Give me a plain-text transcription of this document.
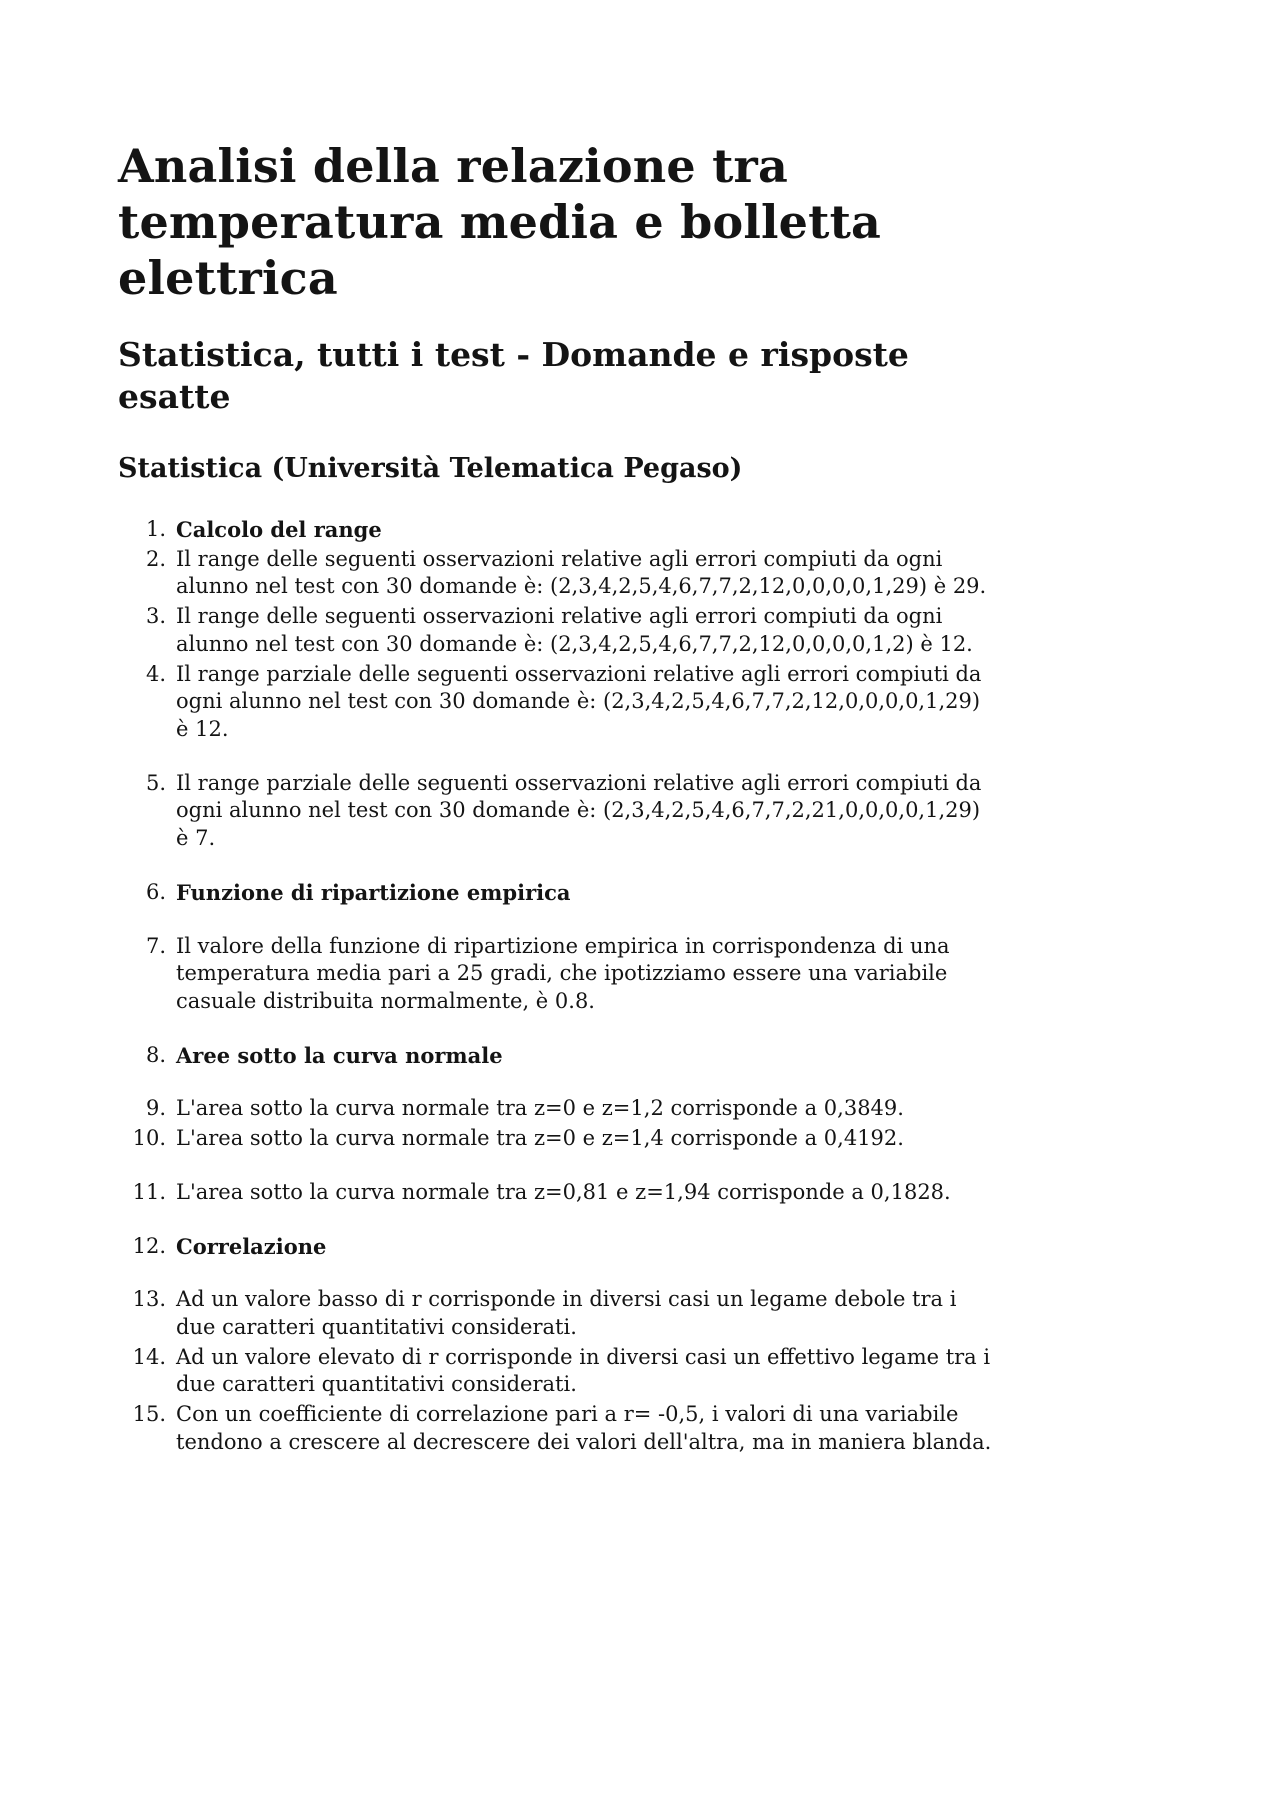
Analisi della relazione tra temperatura media e bolletta elettrica
Statistica, tutti i test - Domande e risposte esatte
Statistica (Università Telematica Pegaso)
1. Calcolo del range
2. Il range delle seguenti osservazioni relative agli errori compiuti da ogni alunno nel test con 30 domande è: (2,3,4,2,5,4,6,7,7,2,12,0,0,0,0,1,29) è 29.
3. Il range delle seguenti osservazioni relative agli errori compiuti da ogni alunno nel test con 30 domande è: (2,3,4,2,5,4,6,7,7,2,12,0,0,0,0,1,2) è 12.
4. Il range parziale delle seguenti osservazioni relative agli errori compiuti da ogni alunno nel test con 30 domande è: (2,3,4,2,5,4,6,7,7,2,12,0,0,0,0,1,29) è 12.
5. Il range parziale delle seguenti osservazioni relative agli errori compiuti da ogni alunno nel test con 30 domande è: (2,3,4,2,5,4,6,7,7,2,21,0,0,0,0,1,29) è 7.
6. Funzione di ripartizione empirica
7. Il valore della funzione di ripartizione empirica in corrispondenza di una temperatura media pari a 25 gradi, che ipotizziamo essere una variabile casuale distribuita normalmente, è 0.8.
8. Aree sotto la curva normale
9. L'area sotto la curva normale tra z=0 e z=1,2 corrisponde a 0,3849.
10. L'area sotto la curva normale tra z=0 e z=1,4 corrisponde a 0,4192.
11. L'area sotto la curva normale tra z=0,81 e z=1,94 corrisponde a 0,1828.
12. Correlazione
13. Ad un valore basso di r corrisponde in diversi casi un legame debole tra i due caratteri quantitativi considerati.
14. Ad un valore elevato di r corrisponde in diversi casi un effettivo legame tra i due caratteri quantitativi considerati.
15. Con un coefficiente di correlazione pari a r= -0,5, i valori di una variabile tendono a crescere al decrescere dei valori dell'altra, ma in maniera blanda.
